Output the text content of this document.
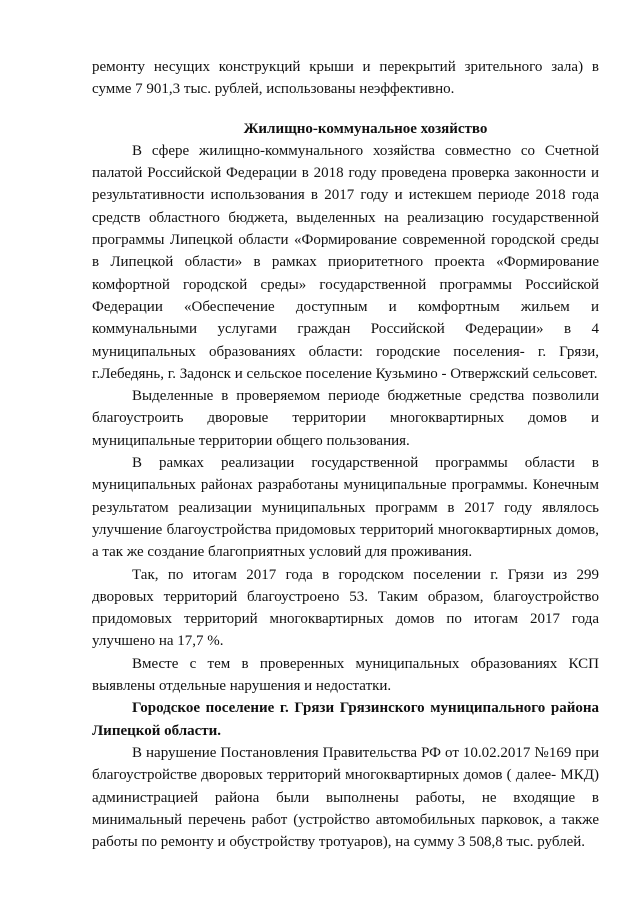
ремонту несущих конструкций крыши и перекрытий зрительного зала) в сумме 7 901,3 тыс. рублей, использованы неэффективно.

Жилищно-коммунальное хозяйство

В сфере жилищно-коммунального хозяйства совместно со Счетной палатой Российской Федерации в 2018 году проведена проверка законности и результативности использования в 2017 году и истекшем периоде 2018 года средств областного бюджета, выделенных на реализацию государственной программы Липецкой области «Формирование современной городской среды в Липецкой области» в рамках приоритетного проекта «Формирование комфортной городской среды» государственной программы Российской Федерации «Обеспечение доступным и комфортным жильем и коммунальными услугами граждан Российской Федерации» в 4 муниципальных образованиях области: городские поселения- г. Грязи, г.Лебедянь, г. Задонск и сельское поселение Кузьмино - Отвержский сельсовет.

Выделенные в проверяемом периоде бюджетные средства позволили благоустроить дворовые территории многоквартирных домов и муниципальные территории общего пользования.

В рамках реализации государственной программы области в муниципальных районах разработаны муниципальные программы. Конечным результатом реализации муниципальных программ в 2017 году являлось улучшение благоустройства придомовых территорий многоквартирных домов, а так же создание благоприятных условий для проживания.

Так, по итогам 2017 года в городском поселении г. Грязи из 299 дворовых территорий благоустроено 53. Таким образом, благоустройство придомовых территорий многоквартирных домов по итогам 2017 года улучшено на 17,7 %.

Вместе с тем в проверенных муниципальных образованиях КСП выявлены отдельные нарушения и недостатки.

Городское поселение г. Грязи Грязинского муниципального района Липецкой области.

В нарушение Постановления Правительства РФ от 10.02.2017 №169 при благоустройстве дворовых территорий многоквартирных домов ( далее- МКД) администрацией района были выполнены работы, не входящие в минимальный перечень работ (устройство автомобильных парковок, а также работы по ремонту и обустройству тротуаров), на сумму 3 508,8 тыс. рублей.
